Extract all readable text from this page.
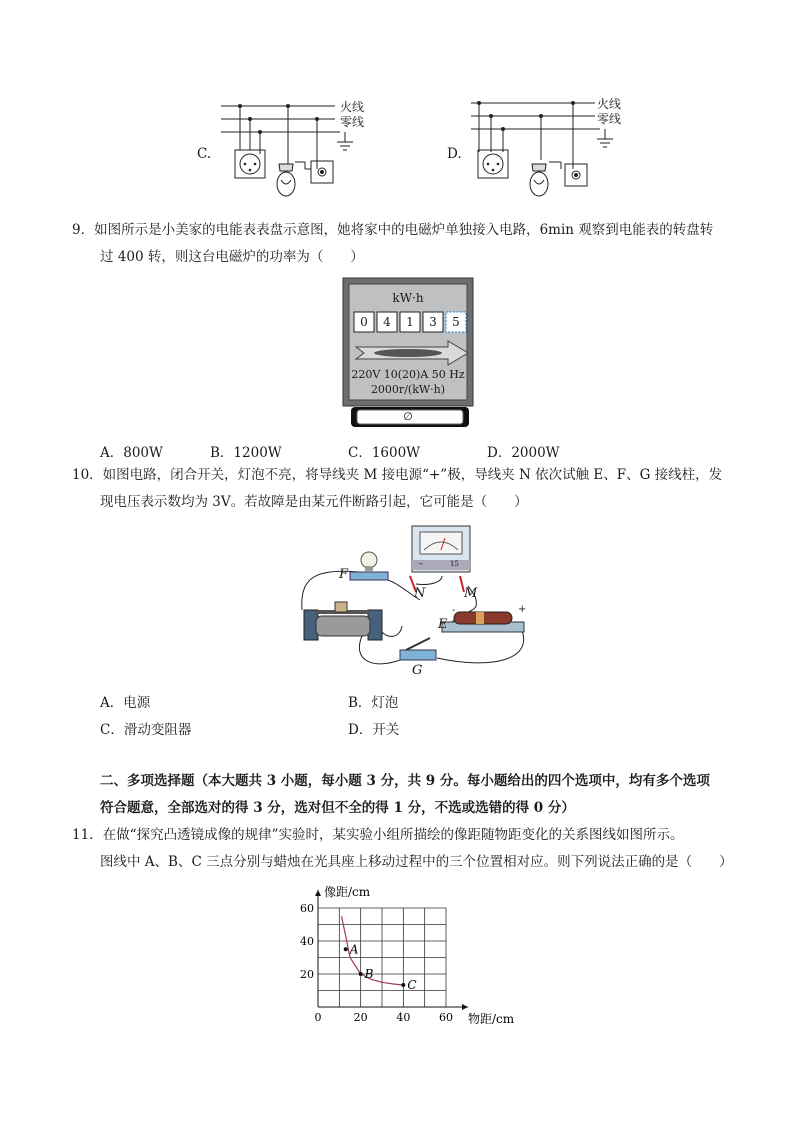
火线
零线
C.
火线
零线
D.
9．如图所示是小美家的电能表表盘示意图，她将家中的电磁炉单独接入电路，6min 观察到电能表的转盘转
过 400 转，则这台电磁炉的功率为（　　）
kW·h
0	4	1	3	5
220V 10(20)A 50 Hz
2000r/(kW·h)
∅
A．800W	B．1200W	C．1600W	D．2000W
10．如图电路，闭合开关，灯泡不亮，将导线夹 M 接电源“+”极，导线夹 N 依次试触 E、F、G 接线柱，发
现电压表示数均为 3V。若故障是由某元件断路引起，它可能是（　　）
F
N	M
E
G
-	+
15
−
A．电源	B．灯泡
C．滑动变阻器	D．开关
二、多项选择题（本大题共 3 小题，每小题 3 分，共 9 分。每小题给出的四个选项中，均有多个选项
符合题意，全部选对的得 3 分，选对但不全的得 1 分，不选或选错的得 0 分）
11．在做“探究凸透镜成像的规律”实验时，某实验小组所描绘的像距随物距变化的关系图线如图所示。
图线中 A、B、C 三点分别与蜡烛在光具座上移动过程中的三个位置相对应。则下列说法正确的是（　　）
0	20	40	60
20
40
60
物距/cm
像距/cm
A
B
C
